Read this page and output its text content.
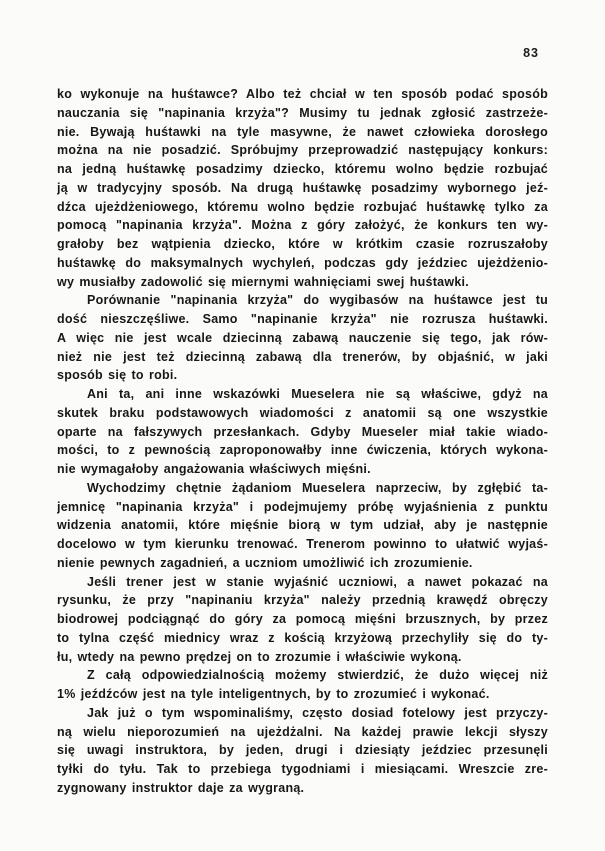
83
ko wykonuje na huśtawce? Albo też chciał w ten sposób podać sposób
nauczania się "napinania krzyża"? Musimy tu jednak zgłosić zastrzeże-
nie. Bywają huśtawki na tyle masywne, że nawet człowieka dorosłego
można na nie posadzić. Spróbujmy przeprowadzić następujący konkurs:
na jedną huśtawkę posadzimy dziecko, któremu wolno będzie rozbujać
ją w tradycyjny sposób. Na drugą huśtawkę posadzimy wybornego jeź-
dźca ujeżdżeniowego, któremu wolno będzie rozbujać huśtawkę tylko za
pomocą "napinania krzyża". Można z góry założyć, że konkurs ten wy-
grałoby bez wątpienia dziecko, które w krótkim czasie rozruszałoby
huśtawkę do maksymalnych wychyleń, podczas gdy jeździec ujeżdżenio-
wy musiałby zadowolić się miernymi wahnięciami swej huśtawki.
Porównanie "napinania krzyża" do wygibasów na huśtawce jest tu
dość nieszczęśliwe. Samo "napinanie krzyża" nie rozrusza huśtawki.
A więc nie jest wcale dziecinną zabawą nauczenie się tego, jak rów-
nież nie jest też dziecinną zabawą dla trenerów, by objaśnić, w jaki
sposób się to robi.
Ani ta, ani inne wskazówki Mueselera nie są właściwe, gdyż na
skutek braku podstawowych wiadomości z anatomii są one wszystkie
oparte na fałszywych przesłankach. Gdyby Mueseler miał takie wiado-
mości, to z pewnością zaproponowałby inne ćwiczenia, których wykona-
nie wymagałoby angażowania właściwych mięśni.
Wychodzimy chętnie żądaniom Mueselera naprzeciw, by zgłębić ta-
jemnicę "napinania krzyża" i podejmujemy próbę wyjaśnienia z punktu
widzenia anatomii, które mięśnie biorą w tym udział, aby je następnie
docelowo w tym kierunku trenować. Trenerom powinno to ułatwić wyjaś-
nienie pewnych zagadnień, a uczniom umożliwić ich zrozumienie.
Jeśli trener jest w stanie wyjaśnić uczniowi, a nawet pokazać na
rysunku, że przy "napinaniu krzyża" należy przednią krawędź obręczy
biodrowej podciągnąć do góry za pomocą mięśni brzusznych, by przez
to tylna część miednicy wraz z kością krzyżową przechyliły się do ty-
łu, wtedy na pewno prędzej on to zrozumie i właściwie wykoną.
Z całą odpowiedzialnością możemy stwierdzić, że dużo więcej niż
1% jeźdźców jest na tyle inteligentnych, by to zrozumieć i wykonać.
Jak już o tym wspominaliśmy, często dosiad fotelowy jest przyczy-
ną wielu nieporozumień na ujeżdżalni. Na każdej prawie lekcji słyszy
się uwagi instruktora, by jeden, drugi i dziesiąty jeździec przesunęli
tyłki do tyłu. Tak to przebiega tygodniami i miesiącami. Wreszcie zre-
zygnowany instruktor daje za wygraną.
